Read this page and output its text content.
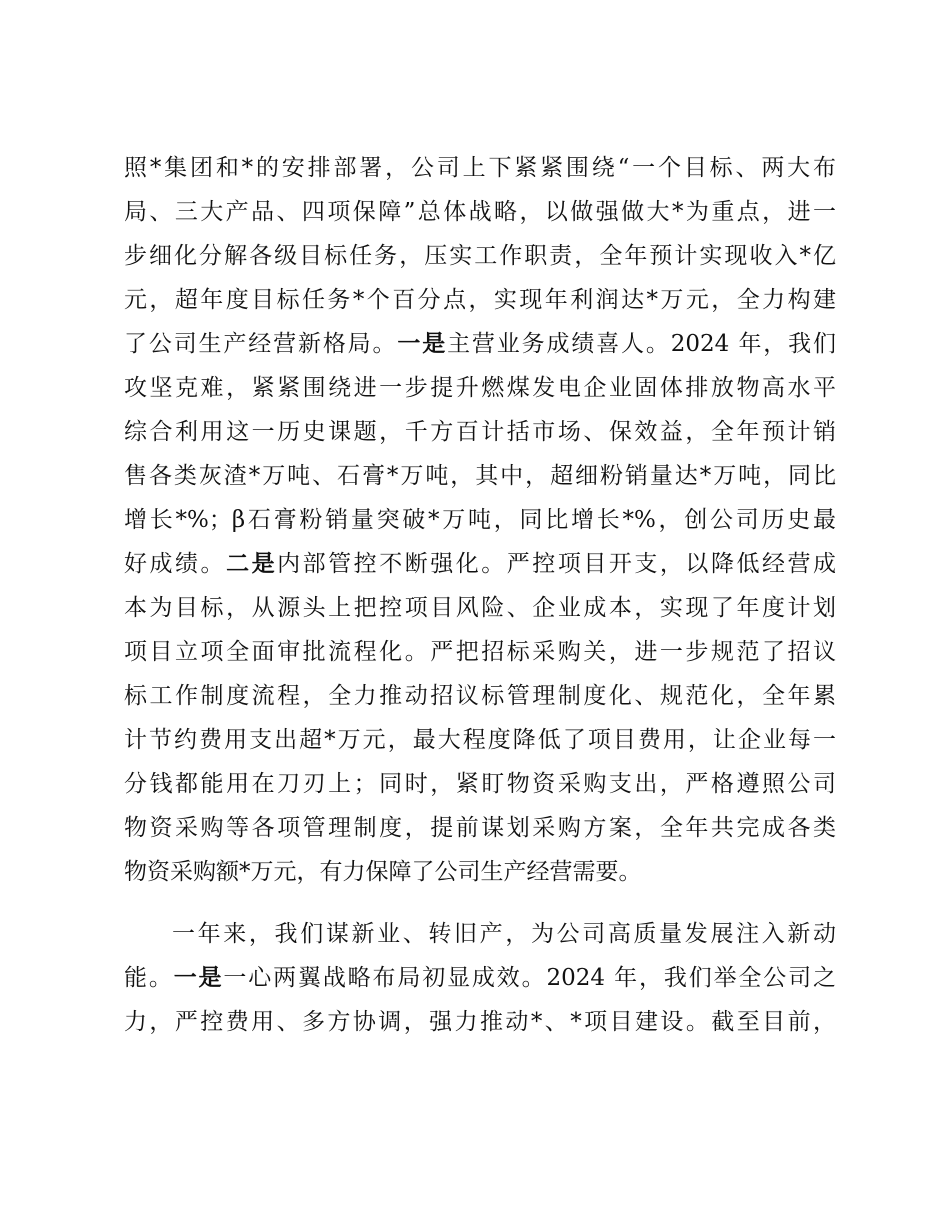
照*集团和*的安排部署，公司上下紧紧围绕“一个目标、两大布
局、三大产品、四项保障”总体战略，以做强做大*为重点，进一
步细化分解各级目标任务，压实工作职责，全年预计实现收入*亿
元，超年度目标任务*个百分点，实现年利润达*万元，全力构建
了公司生产经营新格局。一是主营业务成绩喜人。2024 年，我们
攻坚克难，紧紧围绕进一步提升燃煤发电企业固体排放物高水平
综合利用这一历史课题，千方百计括市场、保效益，全年预计销
售各类灰渣*万吨、石膏*万吨，其中，超细粉销量达*万吨，同比
增长*%；β石膏粉销量突破*万吨，同比增长*%，创公司历史最
好成绩。二是内部管控不断强化。严控项目开支，以降低经营成
本为目标，从源头上把控项目风险、企业成本，实现了年度计划
项目立项全面审批流程化。严把招标采购关，进一步规范了招议
标工作制度流程，全力推动招议标管理制度化、规范化，全年累
计节约费用支出超*万元，最大程度降低了项目费用，让企业每一
分钱都能用在刀刃上；同时，紧盯物资采购支出，严格遵照公司
物资采购等各项管理制度，提前谋划采购方案，全年共完成各类
物资采购额*万元，有力保障了公司生产经营需要。
一年来，我们谋新业、转旧产，为公司高质量发展注入新动
能。一是一心两翼战略布局初显成效。2024 年，我们举全公司之
力，严控费用、多方协调，强力推动*、*项目建设。截至目前，
